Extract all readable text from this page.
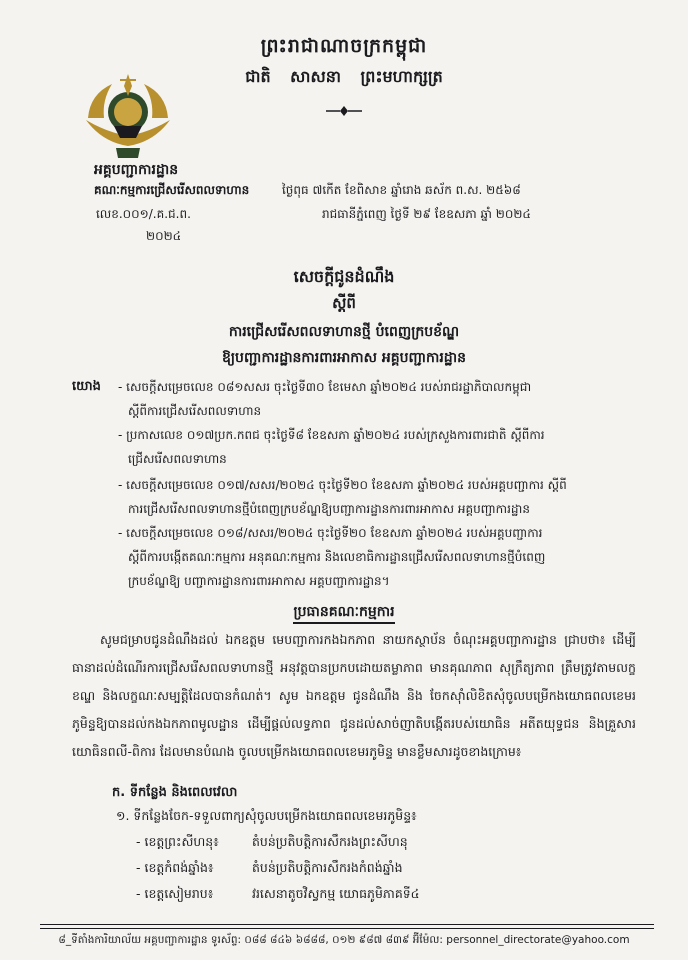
ព្រះរាជាណាចក្រកម្ពុជា
ជាតិ សាសនា ព្រះមហាក្សត្រ
អគ្គបញ្ជាការដ្ឋាន
គណៈកម្មការជ្រើសរើសពលទាហាន
លេខ.០០១/.គ.ជ.ព.
២០២៤
ថ្ងៃពុធ ៧កើត ខែពិសាខ ឆ្នាំរោង ឆស័ក ព.ស. ២៥៦៨
រាជធានីភ្នំពេញ ថ្ងៃទី ២៩ ខែឧសភា ឆ្នាំ ២០២៤
សេចក្តីជូនដំណឹង
ស្តីពី
ការជ្រើសរើសពលទាហានថ្មី បំពេញក្របខ័ណ្ឌ
ឱ្យបញ្ជាការដ្ឋានការពារអាកាស អគ្គបញ្ជាការដ្ឋាន
យោង - សេចក្តីសម្រេចលេខ ០៨១សសរ ចុះថ្ងៃទី៣០ ខែមេសា ឆ្នាំ២០២៤ របស់រាជរដ្ឋាភិបាលកម្ពុជា
ស្តីពីការជ្រើសរើសពលទាហាន
- ប្រកាសលេខ ០១៧ប្រក.កពជ ចុះថ្ងៃទី៨ ខែឧសភា ឆ្នាំ២០២៤ របស់ក្រសួងការពារជាតិ ស្តីពីការ
ជ្រើសរើសពលទាហាន
- សេចក្តីសម្រេចលេខ ០១៧/សសរ/២០២៤ ចុះថ្ងៃទី២០ ខែឧសភា ឆ្នាំ២០២៤ របស់អគ្គបញ្ជាការ ស្តីពី
ការជ្រើសរើសពលទាហានថ្មីបំពេញក្របខ័ណ្ឌឱ្យបញ្ជាការដ្ឋានការពារអាកាស អគ្គបញ្ជាការដ្ឋាន
- សេចក្តីសម្រេចលេខ ០១៨/សសរ/២០២៤ ចុះថ្ងៃទី២០ ខែឧសភា ឆ្នាំ២០២៤ របស់អគ្គបញ្ជាការ
ស្តីពីការបង្កើតគណៈកម្មការ អនុគណៈកម្មការ និងលេខាធិការដ្ឋានជ្រើសរើសពលទាហានថ្មីបំពេញ
ក្របខ័ណ្ឌឱ្យ បញ្ជាការដ្ឋានការពារអាកាស អគ្គបញ្ជាការដ្ឋាន។
ប្រធានគណៈកម្មការ
សូមជម្រាបជូនដំណឹងដល់ ឯកឧត្តម មេបញ្ជាការកងឯកភាព នាយកស្ថាប័ន ចំណុះអគ្គបញ្ជាការដ្ឋាន ជ្រាបថា៖ ដើម្បីធានាដល់ដំណើរការជ្រើសរើសពលទាហានថ្មី អនុវត្តបានប្រកបដោយតម្លាភាព មានគុណភាព សុក្រឹត្យភាព ត្រឹមត្រូវតាមលក្ខខណ្ឌ និងលក្ខណៈសម្បត្តិដែលបានកំណត់។ សូម ឯកឧត្តម ជូនដំណឹង និង ចែកស៊ាំលិខិតសុំចូលបម្រើកងយោធពលខេមរភូមិន្ទឱ្យបានដល់កងឯកភាពមូលដ្ឋាន ដើម្បីផ្តល់លទ្ធភាព ជូនដល់សាច់ញាតិបង្កើតរបស់យោធិន អតីតយុទ្ធជន និងគ្រួសារយោធិនពលី-ពិការ ដែលមានបំណង ចូលបម្រើកងយោធពលខេមរភូមិន្ទ មានខ្លឹមសារដូចខាងក្រោម៖
ក. ទីកន្លែង និងពេលវេលា
១. ទីកន្លែងចែក-ទទួលពាក្យសុំចូលបម្រើកងយោធពលខេមរភូមិន្ទ៖
- ខេត្តព្រះសីហនុ៖	តំបន់ប្រតិបត្តិការសឹករងព្រះសីហនុ
- ខេត្តកំពង់ឆ្នាំង៖	តំបន់ប្រតិបត្តិការសឹករងកំពង់ឆ្នាំង
- ខេត្តសៀមរាប៖	វរសេនាតូចវិស្វកម្ម យោធភូមិភាគទី៤
៨_ទីតាំងការិយាល័យ អគ្គបញ្ជាការដ្ឋាន ទូរស័ព្ទ: ០៨៨ ៨៤៦ ៦៨៨៨, ០១២ ៩៨៧ ៨៣៩ អ៊ីម៉ែល: personnel_directorate@yahoo.com
